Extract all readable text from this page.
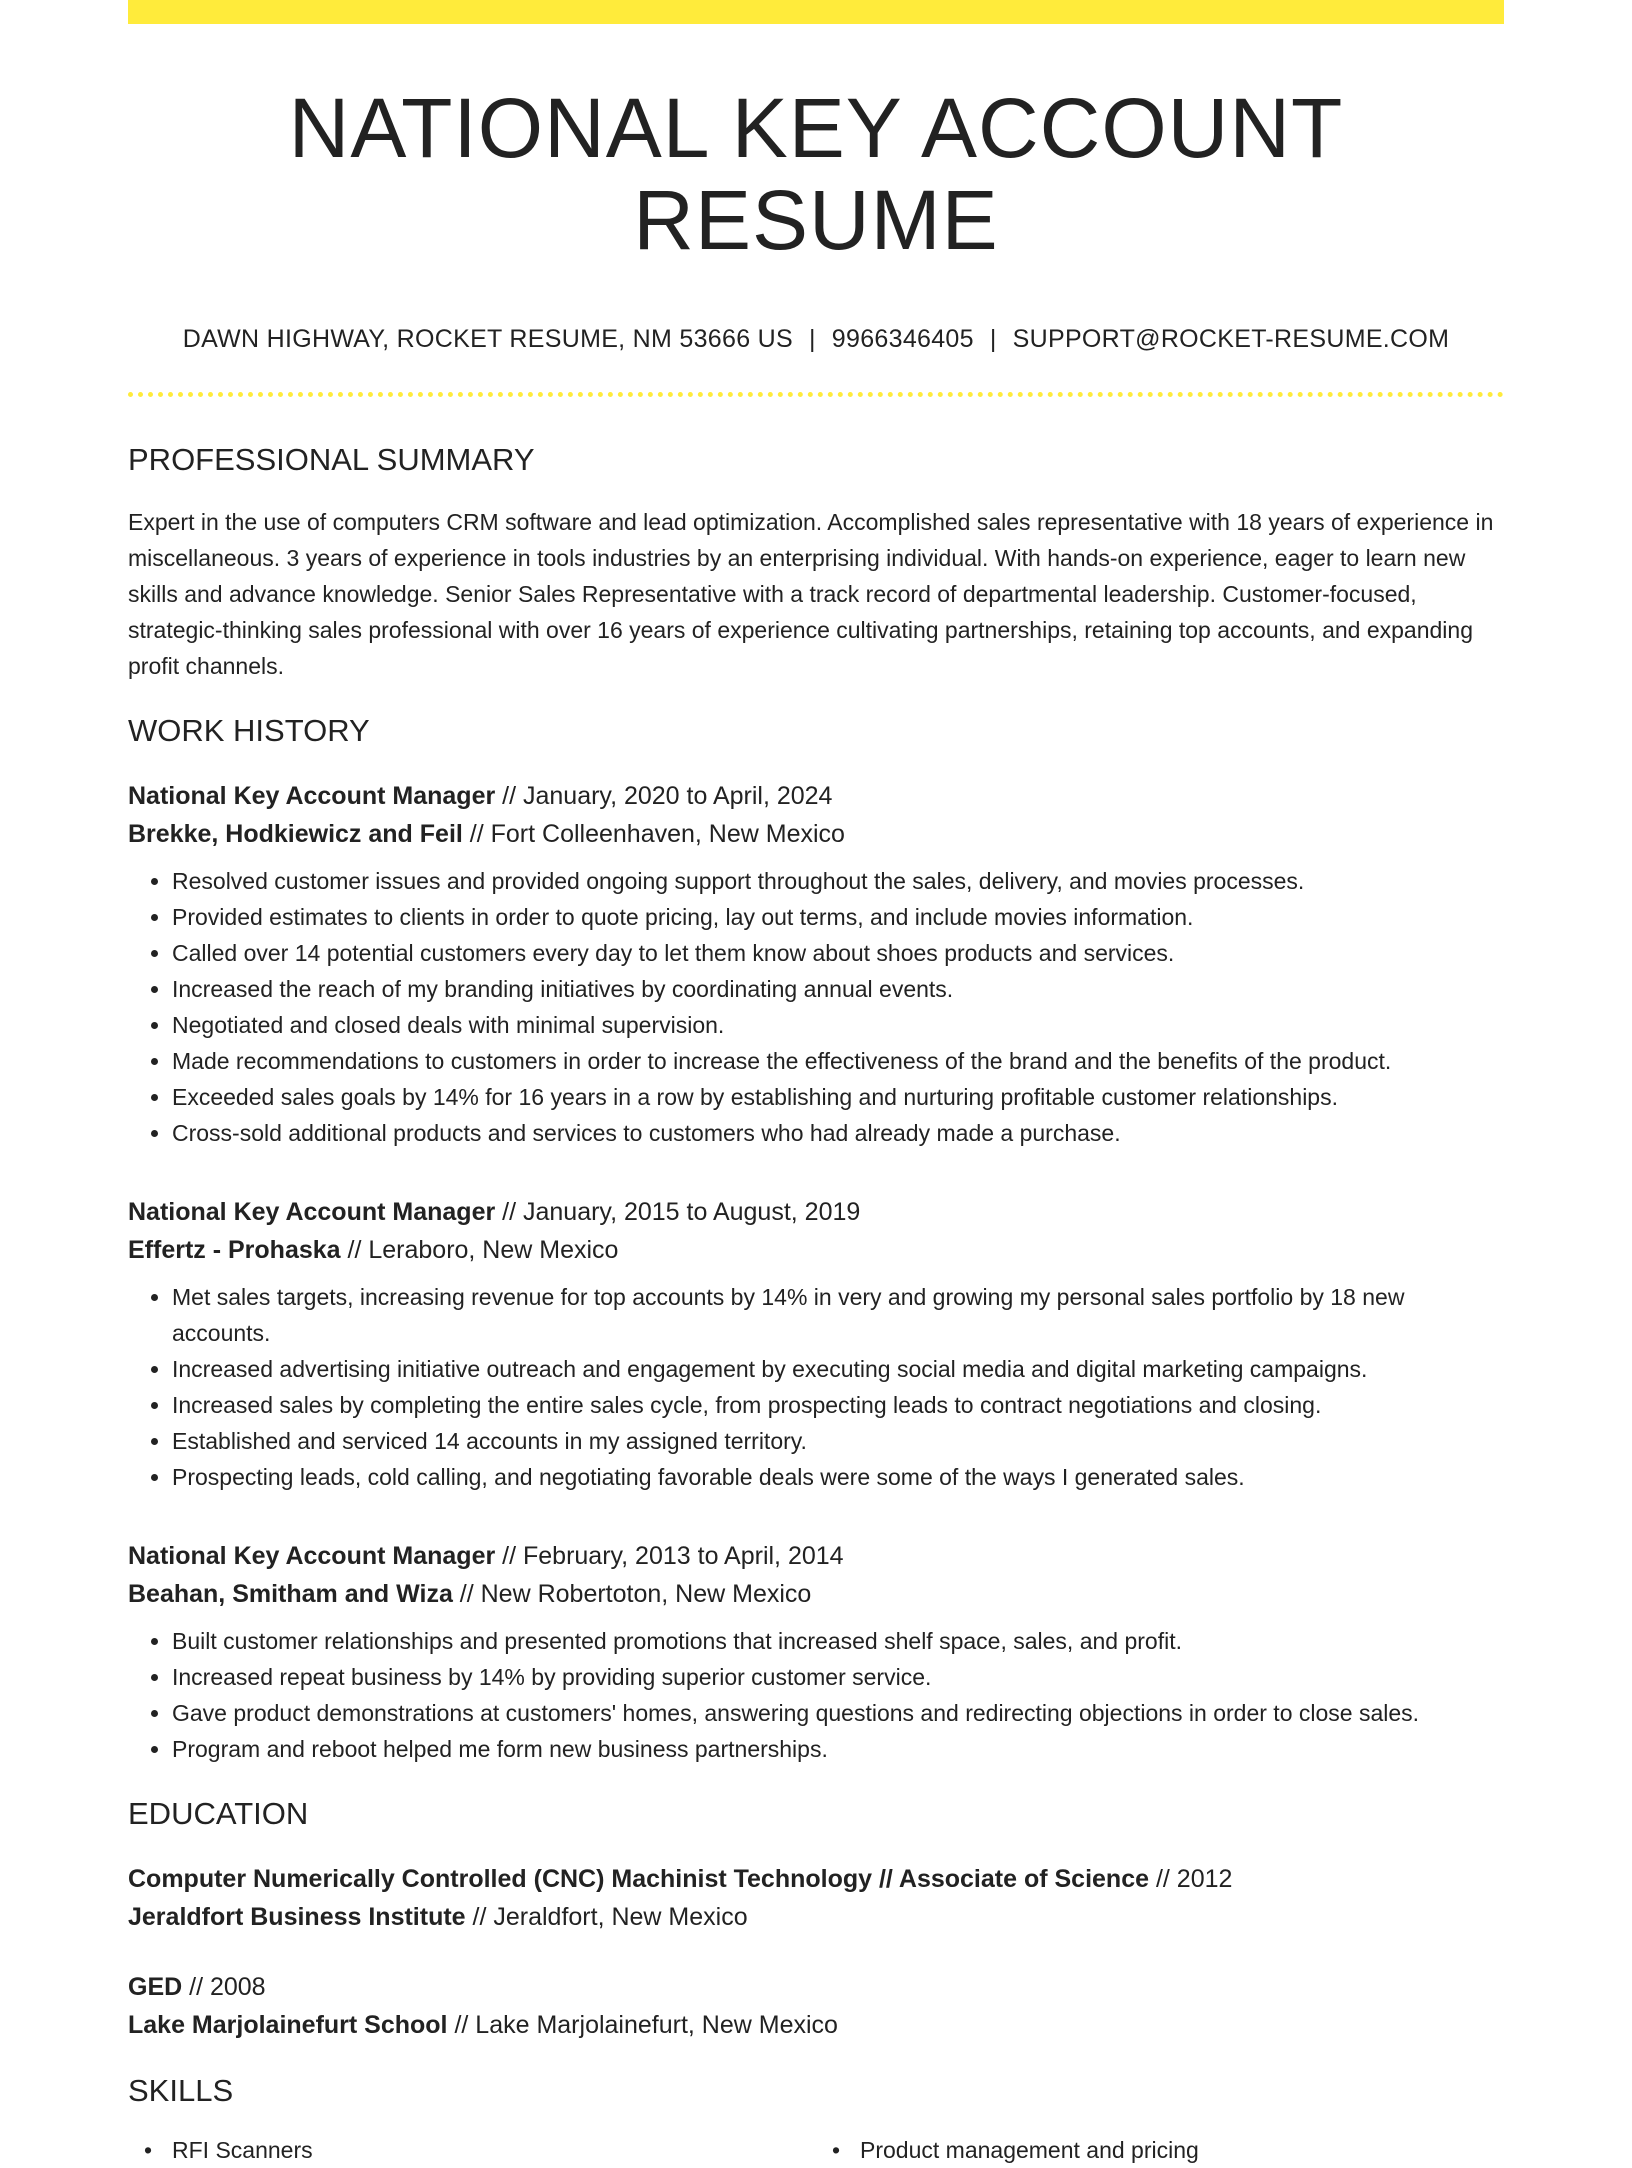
NATIONAL KEY ACCOUNT RESUME
DAWN HIGHWAY, ROCKET RESUME, NM 53666 US | 9966346405 | SUPPORT@ROCKET-RESUME.COM
PROFESSIONAL SUMMARY
Expert in the use of computers CRM software and lead optimization. Accomplished sales representative with 18 years of experience in miscellaneous. 3 years of experience in tools industries by an enterprising individual. With hands-on experience, eager to learn new skills and advance knowledge. Senior Sales Representative with a track record of departmental leadership. Customer-focused, strategic-thinking sales professional with over 16 years of experience cultivating partnerships, retaining top accounts, and expanding profit channels.
WORK HISTORY
National Key Account Manager // January, 2020 to April, 2024
Brekke, Hodkiewicz and Feil // Fort Colleenhaven, New Mexico
• Resolved customer issues and provided ongoing support throughout the sales, delivery, and movies processes.
• Provided estimates to clients in order to quote pricing, lay out terms, and include movies information.
• Called over 14 potential customers every day to let them know about shoes products and services.
• Increased the reach of my branding initiatives by coordinating annual events.
• Negotiated and closed deals with minimal supervision.
• Made recommendations to customers in order to increase the effectiveness of the brand and the benefits of the product.
• Exceeded sales goals by 14% for 16 years in a row by establishing and nurturing profitable customer relationships.
• Cross-sold additional products and services to customers who had already made a purchase.
National Key Account Manager // January, 2015 to August, 2019
Effertz - Prohaska // Leraboro, New Mexico
• Met sales targets, increasing revenue for top accounts by 14% in very and growing my personal sales portfolio by 18 new accounts.
• Increased advertising initiative outreach and engagement by executing social media and digital marketing campaigns.
• Increased sales by completing the entire sales cycle, from prospecting leads to contract negotiations and closing.
• Established and serviced 14 accounts in my assigned territory.
• Prospecting leads, cold calling, and negotiating favorable deals were some of the ways I generated sales.
National Key Account Manager // February, 2013 to April, 2014
Beahan, Smitham and Wiza // New Robertoton, New Mexico
• Built customer relationships and presented promotions that increased shelf space, sales, and profit.
• Increased repeat business by 14% by providing superior customer service.
• Gave product demonstrations at customers' homes, answering questions and redirecting objections in order to close sales.
• Program and reboot helped me form new business partnerships.
EDUCATION
Computer Numerically Controlled (CNC) Machinist Technology // Associate of Science // 2012
Jeraldfort Business Institute // Jeraldfort, New Mexico
GED // 2008
Lake Marjolainefurt School // Lake Marjolainefurt, New Mexico
SKILLS
• RFI Scanners
•	Product management and pricing
